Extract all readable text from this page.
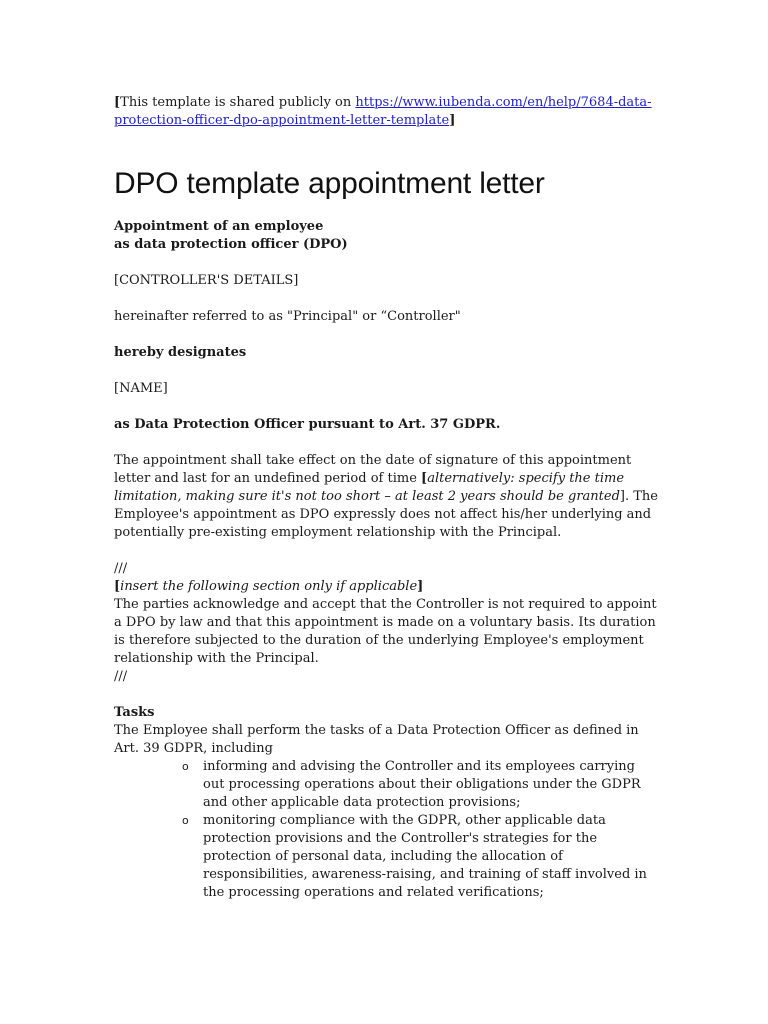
[This template is shared publicly on https://www.iubenda.com/en/help/7684-data-protection-officer-dpo-appointment-letter-template]

DPO template appointment letter

Appointment of an employee

as data protection officer (DPO)

[CONTROLLER'S DETAILS]

hereinafter referred to as "Principal" or “Controller"

hereby designates

[NAME]

as Data Protection Officer pursuant to Art. 37 GDPR.

The appointment shall take effect on the date of signature of this appointment letter and last for an undefined period of time [alternatively: specify the time limitation, making sure it's not too short – at least 2 years should be granted]. The Employee's appointment as DPO expressly does not affect his/her underlying and potentially pre-existing employment relationship with the Principal.

///

[insert the following section only if applicable]

The parties acknowledge and accept that the Controller is not required to appoint a DPO by law and that this appointment is made on a voluntary basis. Its duration is therefore subjected to the duration of the underlying Employee's employment relationship with the Principal.

///

Tasks

The Employee shall perform the tasks of a Data Protection Officer as defined in Art. 39 GDPR, including

o informing and advising the Controller and its employees carrying out processing operations about their obligations under the GDPR and other applicable data protection provisions;
o monitoring compliance with the GDPR, other applicable data protection provisions and the Controller's strategies for the protection of personal data, including the allocation of responsibilities, awareness-raising, and training of staff involved in the processing operations and related verifications;
